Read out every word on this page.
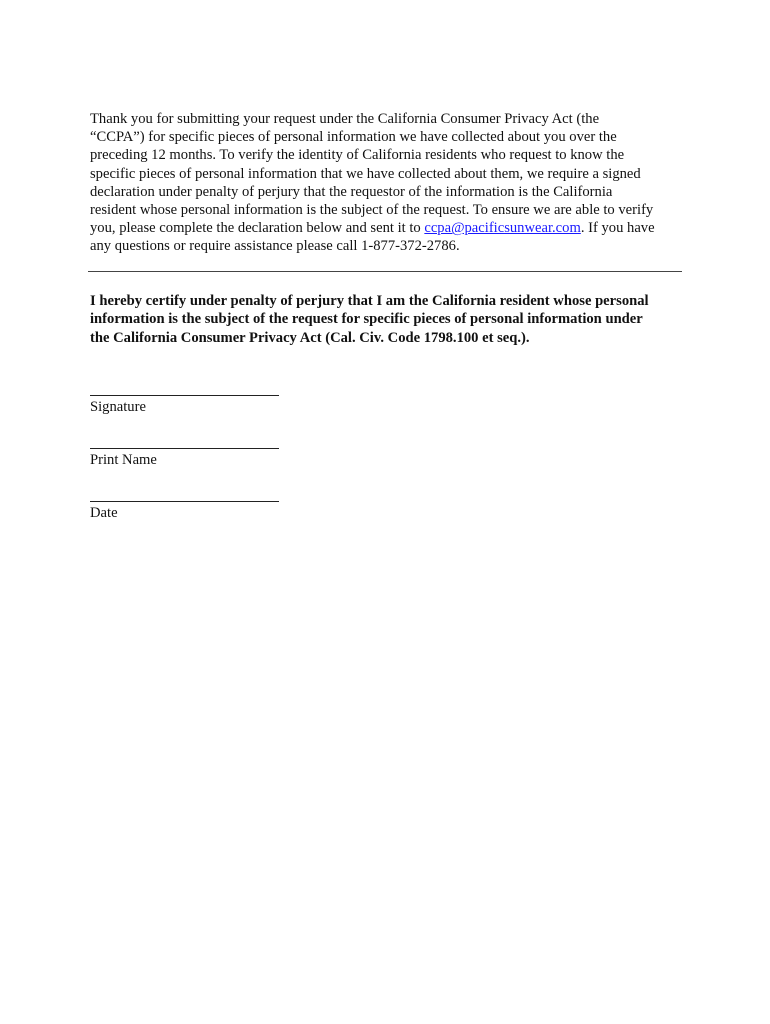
Thank you for submitting your request under the California Consumer Privacy Act (the
“CCPA”) for specific pieces of personal information we have collected about you over the
preceding 12 months. To verify the identity of California residents who request to know the
specific pieces of personal information that we have collected about them, we require a signed
declaration under penalty of perjury that the requestor of the information is the California
resident whose personal information is the subject of the request. To ensure we are able to verify
you, please complete the declaration below and sent it to ccpa@pacificsunwear.com. If you have
any questions or require assistance please call 1-877-372-2786.

I hereby certify under penalty of perjury that I am the California resident whose personal
information is the subject of the request for specific pieces of personal information under
the California Consumer Privacy Act (Cal. Civ. Code 1798.100 et seq.).

Signature
Print Name
Date
